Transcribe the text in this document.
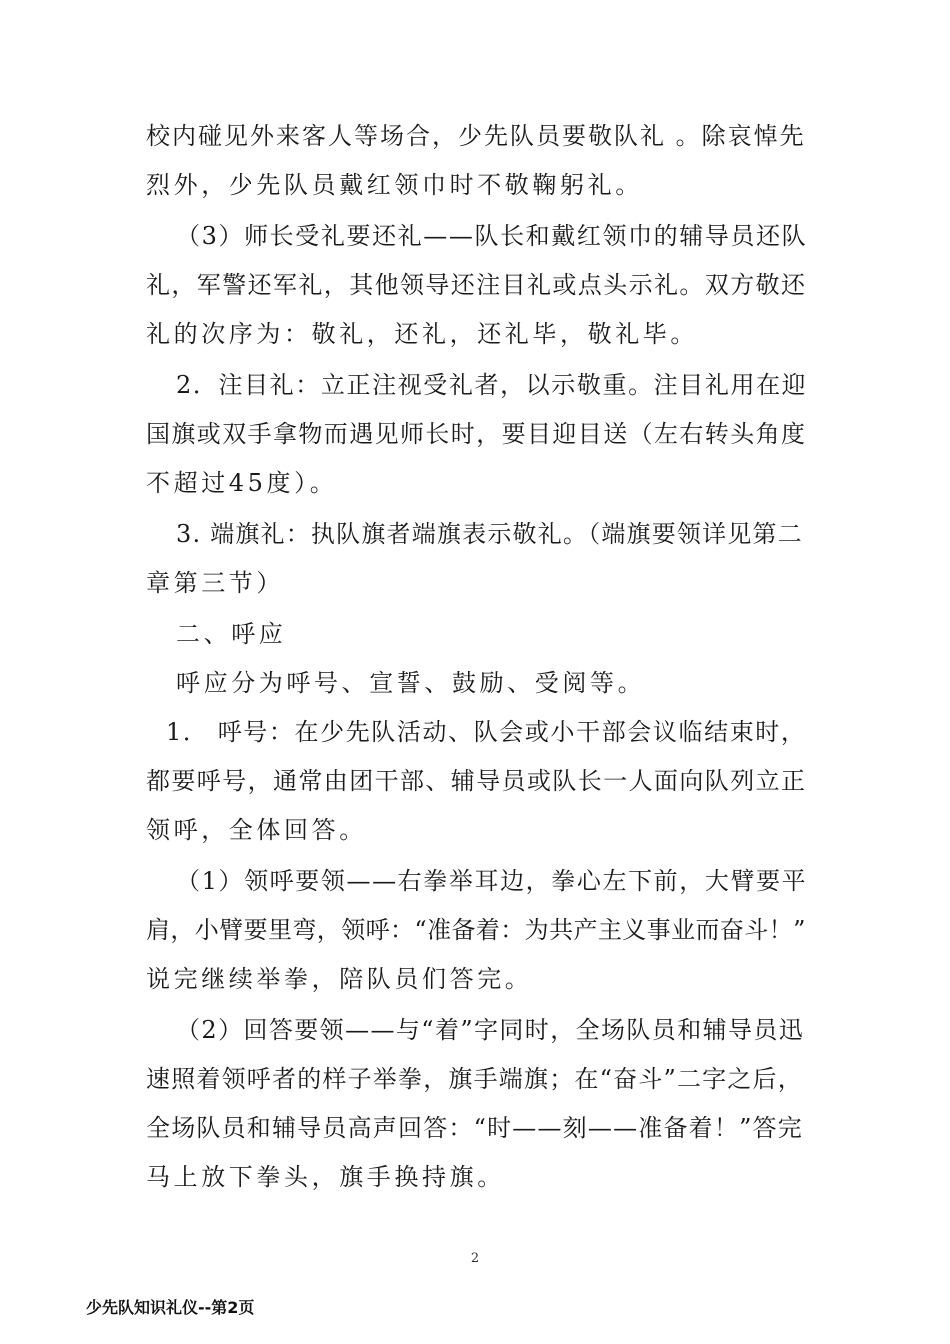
校内碰见外来客人等场合，少先队员要敬队礼 。除哀悼先
烈外，少先队员戴红领巾时不敬鞠躬礼。
（3）师长受礼要还礼——队长和戴红领巾的辅导员还队
礼，军警还军礼，其他领导还注目礼或点头示礼。双方敬还
礼的次序为：敬礼，还礼，还礼毕，敬礼毕。
2．注目礼：立正注视受礼者，以示敬重。注目礼用在迎
国旗或双手拿物而遇见师长时，要目迎目送（左右转头角度
不超过45度）。
3. 端旗礼：执队旗者端旗表示敬礼。（端旗要领详见第二
章第三节）
二、呼应
呼应分为呼号、宣誓、鼓励、受阅等。
1． 呼号：在少先队活动、队会或小干部会议临结束时，
都要呼号，通常由团干部、辅导员或队长一人面向队列立正
领呼，全体回答。
（1）领呼要领——右拳举耳边，拳心左下前，大臂要平
肩，小臂要里弯，领呼：“准备着：为共产主义事业而奋斗！”
说完继续举拳，陪队员们答完。
（2）回答要领——与“着”字同时，全场队员和辅导员迅
速照着领呼者的样子举拳，旗手端旗；在“奋斗”二字之后，
全场队员和辅导员高声回答：“时——刻——准备着！”答完
马上放下拳头，旗手换持旗。
2
少先队知识礼仪--第2页
